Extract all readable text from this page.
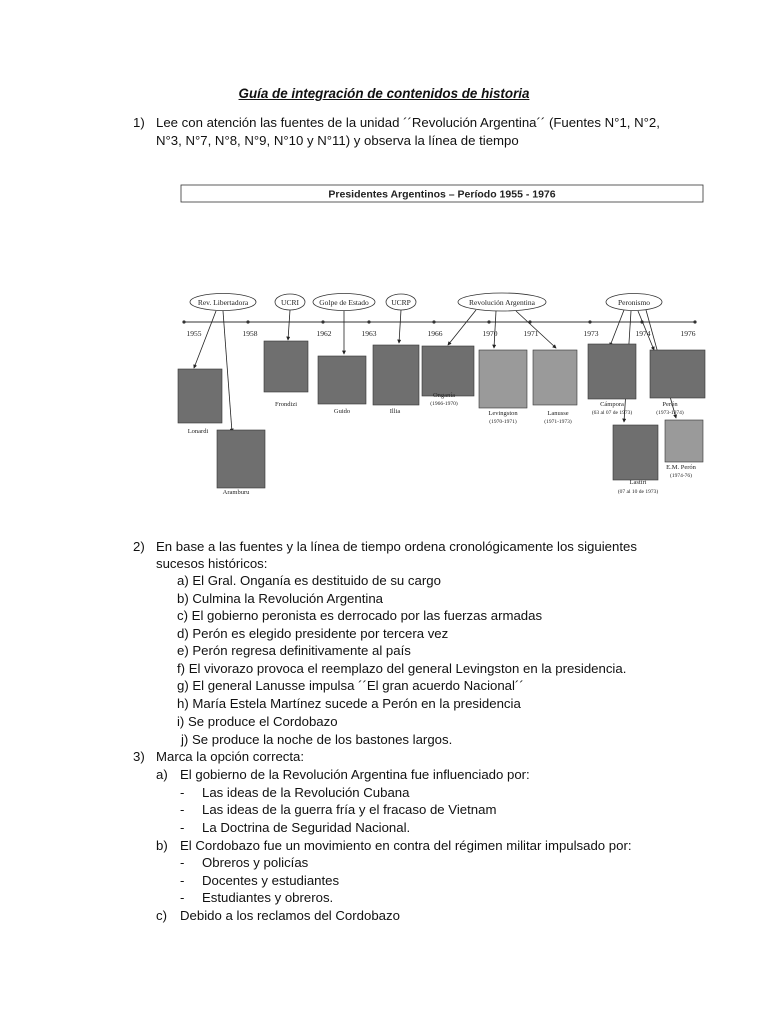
Guía de integración de contenidos de historia
1) Lee con atención las fuentes de la unidad ´´Revolución Argentina´´ (Fuentes N°1, N°2,
N°3, N°7, N°8, N°9, N°10 y N°11) y observa la línea de tiempo
Presidentes Argentinos – Período 1955 - 1976
1955	1958	1962	1963	1966	1970	1971	1973	1974	1976
Rev. Libertadora	UCRI	Golpe de Estado	UCRP	Revolución Argentina	Peronismo
Lonardi
Aramburu
Frondizi
Guido	Illia
Onganía
(1966-1970)
Levingston
(1970-1971)
Lanusse
(1971-1973)
Cámpora
(63 al 07 de 1973)
Perón
(1973-1974)
Lastiri
(07 al 10 de 1973)
E.M. Perón
(1974-76)
2) En base a las fuentes y la línea de tiempo ordena cronológicamente los siguientes
sucesos históricos:
a) El Gral. Onganía es destituido de su cargo
b) Culmina la Revolución Argentina
c) El gobierno peronista es derrocado por las fuerzas armadas
d) Perón es elegido presidente por tercera vez
e) Perón regresa definitivamente al país
f) El vivorazo provoca el reemplazo del general Levingston en la presidencia.
g) El general Lanusse impulsa ´´El gran acuerdo Nacional´´
h) María Estela Martínez sucede a Perón en la presidencia
i) Se produce el Cordobazo
j) Se produce la noche de los bastones largos.
3) Marca la opción correcta:
a) El gobierno de la Revolución Argentina fue influenciado por:
- Las ideas de la Revolución Cubana
- Las ideas de la guerra fría y el fracaso de Vietnam
- La Doctrina de Seguridad Nacional.
b) El Cordobazo fue un movimiento en contra del régimen militar impulsado por:
- Obreros y policías
- Docentes y estudiantes
- Estudiantes y obreros.
c) Debido a los reclamos del Cordobazo
